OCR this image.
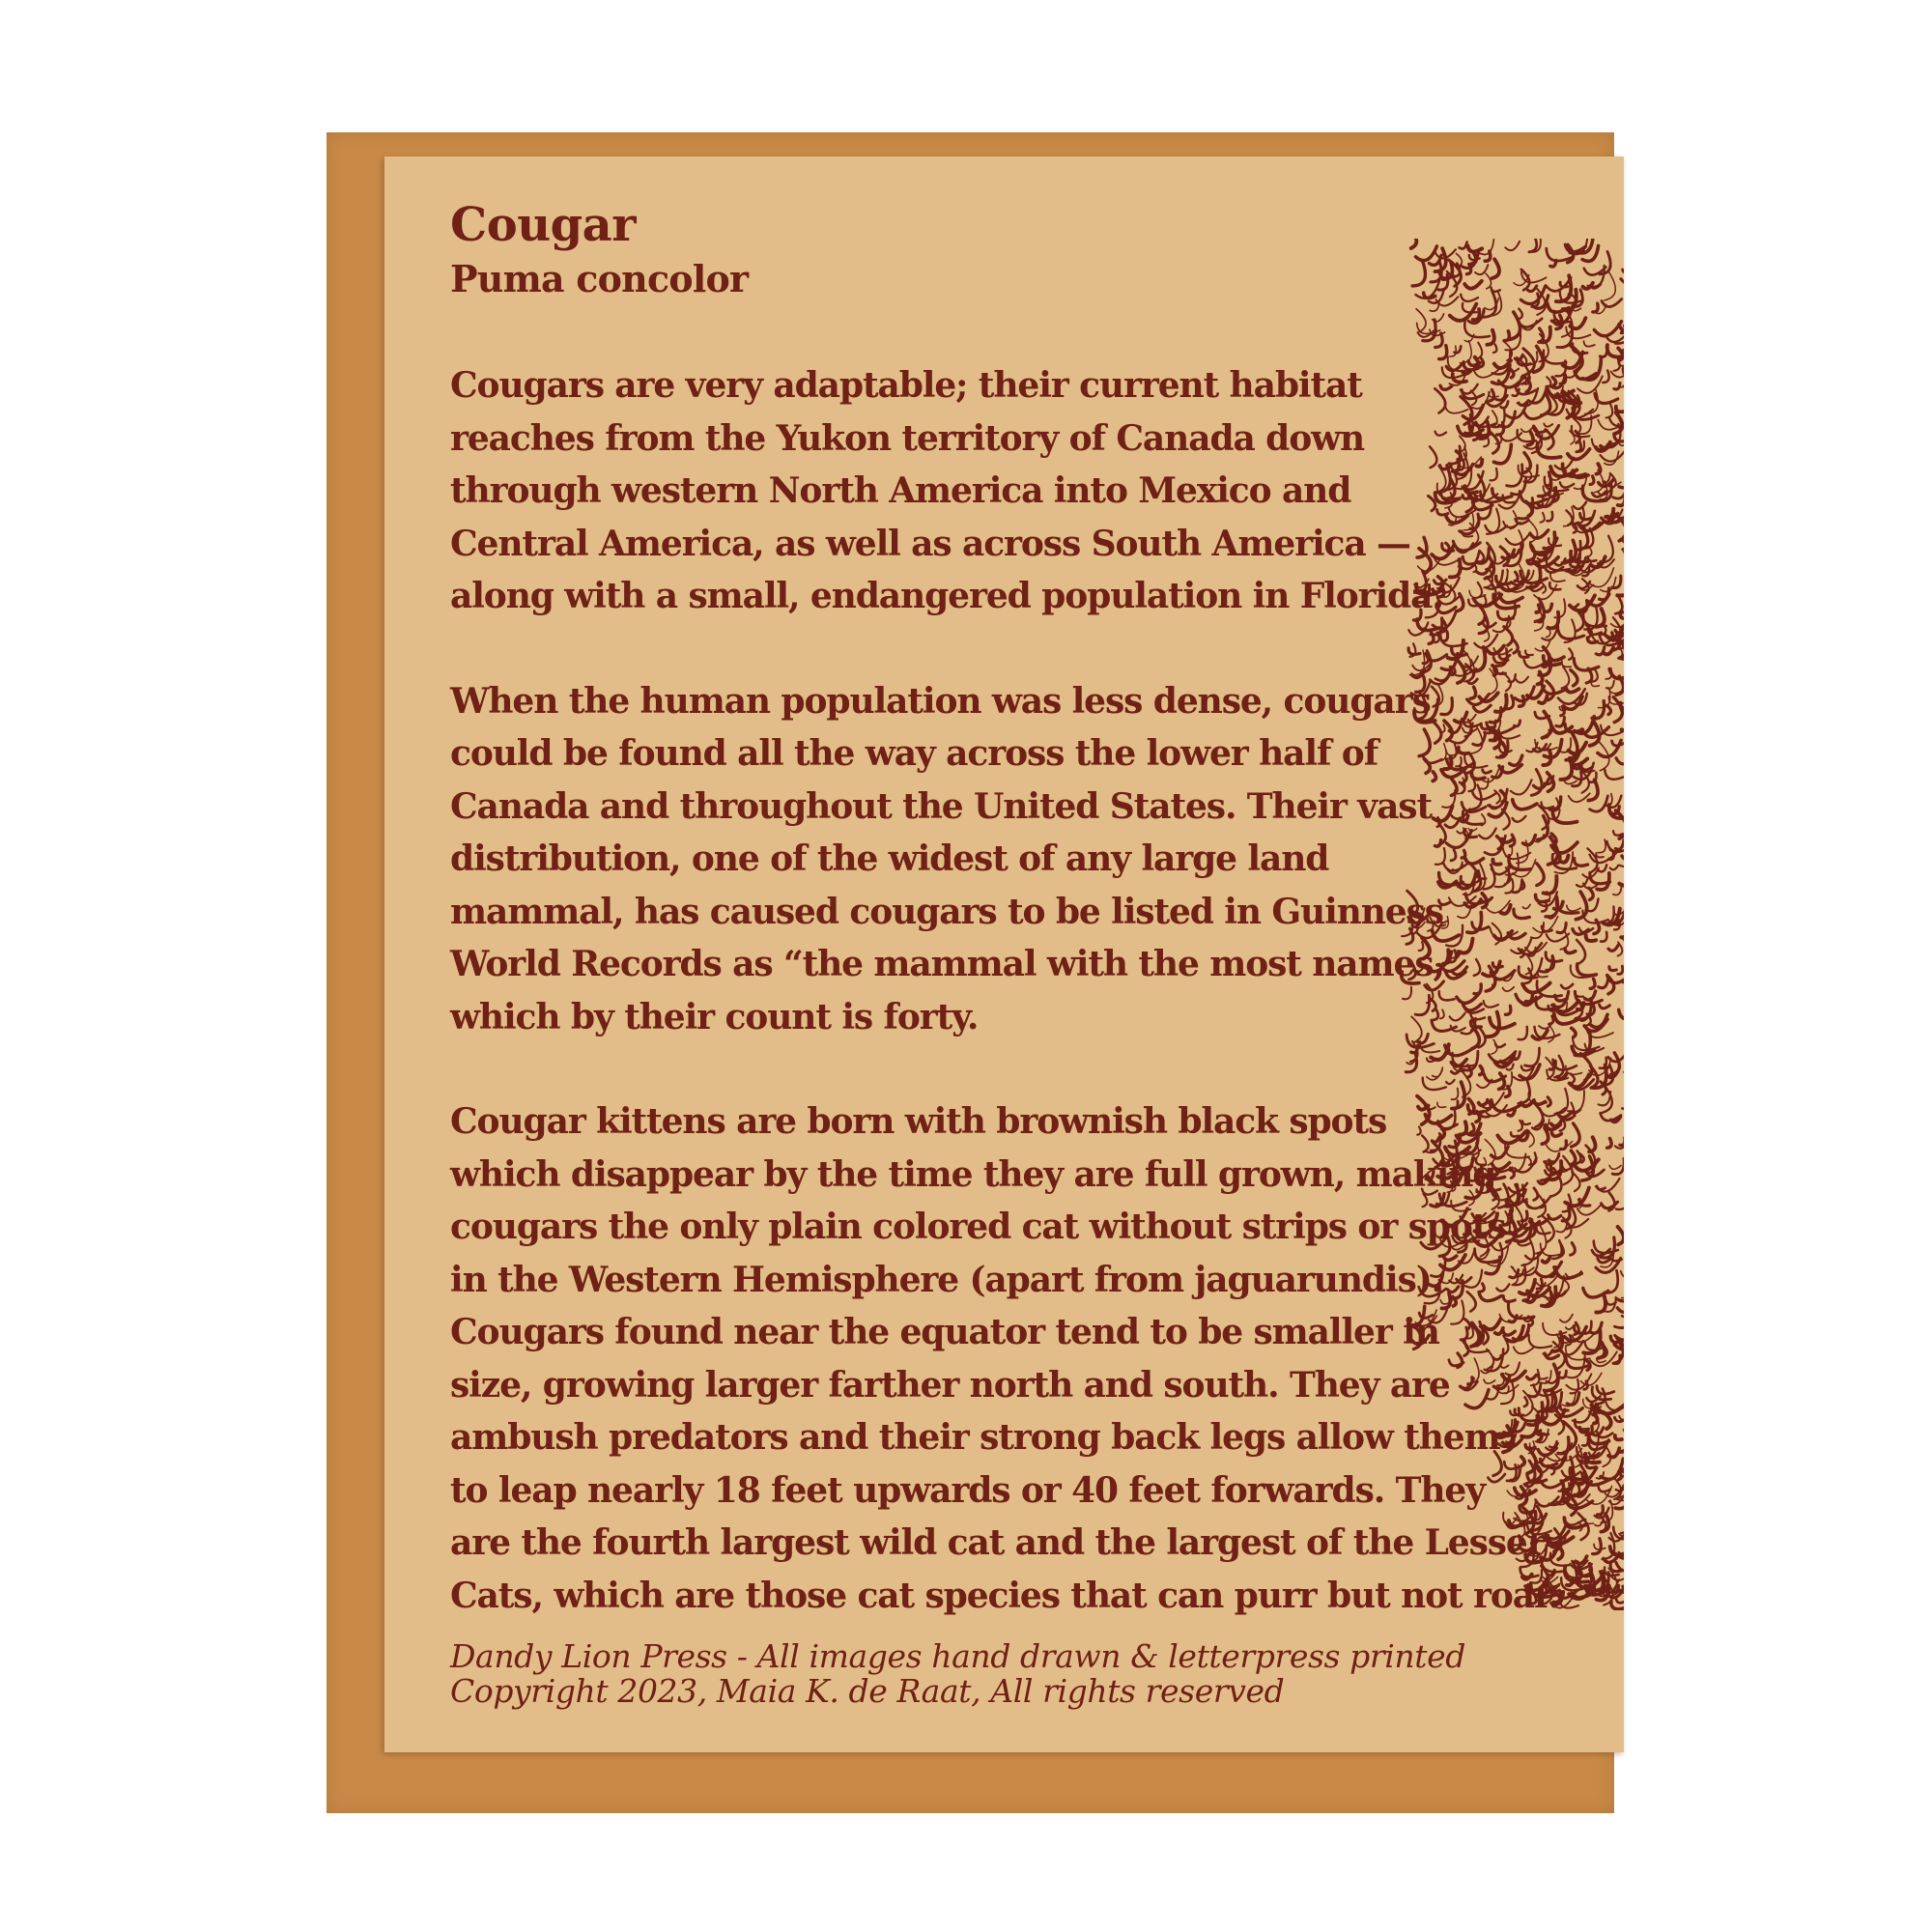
Cougar
Puma concolor

Cougars are very adaptable; their current habitat
reaches from the Yukon territory of Canada down
through western North America into Mexico and
Central America, as well as across South America —
along with a small, endangered population in Florida.

When the human population was less dense, cougars
could be found all the way across the lower half of
Canada and throughout the United States. Their vast
distribution, one of the widest of any large land
mammal, has caused cougars to be listed in Guinness
World Records as “the mammal with the most names,”
which by their count is forty.

Cougar kittens are born with brownish black spots
which disappear by the time they are full grown, making
cougars the only plain colored cat without strips or spots
in the Western Hemisphere (apart from jaguarundis).
Cougars found near the equator tend to be smaller in
size, growing larger farther north and south. They are
ambush predators and their strong back legs allow them
to leap nearly 18 feet upwards or 40 feet forwards. They
are the fourth largest wild cat and the largest of the Lesser
Cats, which are those cat species that can purr but not roar.

Dandy Lion Press - All images hand drawn & letterpress printed
Copyright 2023, Maia K. de Raat, All rights reserved
